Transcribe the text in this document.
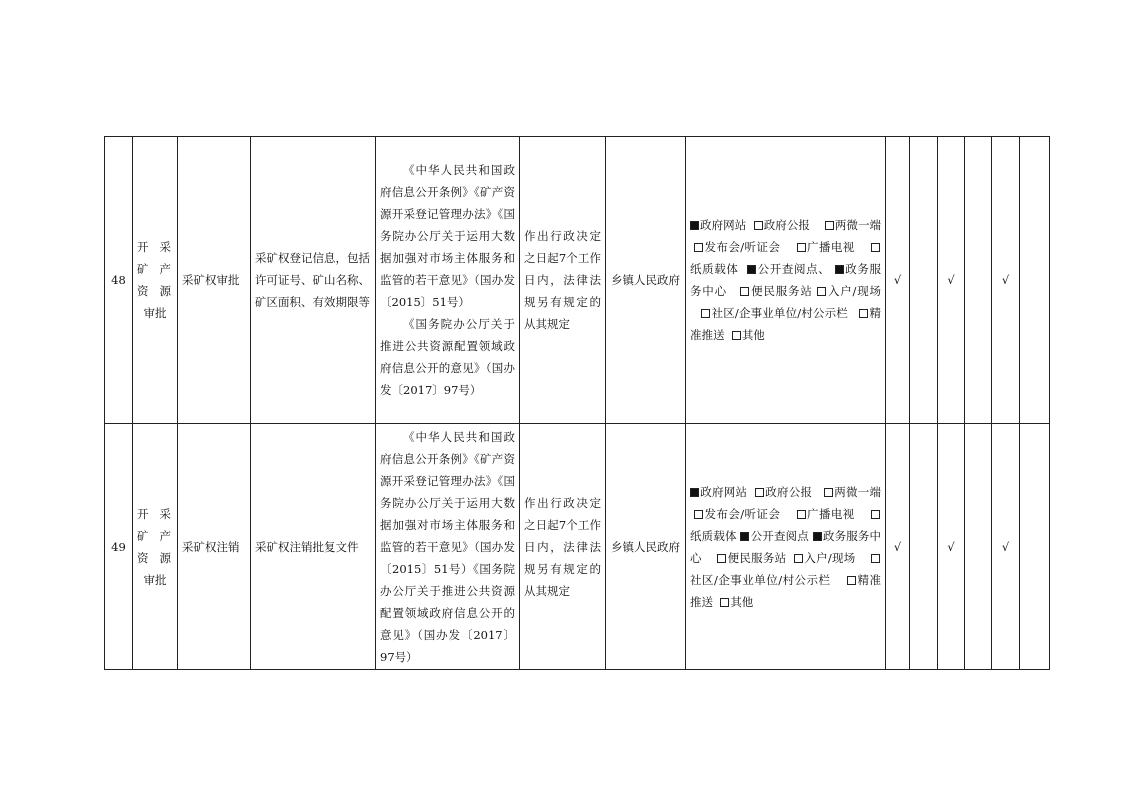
48	开 采
矿 产
资 源
审批	采矿权审批	采矿权登记信息，包括许可证号、矿山名称、矿区面积、有效期限等	《中华人民共和国政府信息公开条例》《矿产资源开采登记管理办法》《国务院办公厅关于运用大数据加强对市场主体服务和监管的若干意见》（国办发〔2015〕51号）
《国务院办公厅关于推进公共资源配置领域政府信息公开的意见》（国办发〔2017〕97号）	作出行政决定之日起7个工作日内，法律法规另有规定的从其规定	乡镇人民政府	政府网站 政府公报 两微一端  发布会/听证会 广播电视    纸质载体 公开查阅点、 政务服务中心 便民服务站 入户/现场    社区/企事业单位/村公示栏 精准推送 其他	√		√		√	
49	开 采
矿 产
资 源
审批	采矿权注销	采矿权注销批复文件	《中华人民共和国政府信息公开条例》《矿产资源开采登记管理办法》《国务院办公厅关于运用大数据加强对市场主体服务和监管的若干意见》（国办发〔2015〕51号）《国务院办公厅关于推进公共资源配置领域政府信息公开的意见》（国办发〔2017〕97号）	作出行政决定之日起7个工作日内，法律法规另有规定的从其规定	乡镇人民政府	政府网站 政府公报 两微一端  发布会/听证会 广播电视    纸质载体 公开查阅点 政务服务中心 便民服务站 入户/现场    社区/企事业单位/村公示栏 精准推送 其他	√		√		√	
